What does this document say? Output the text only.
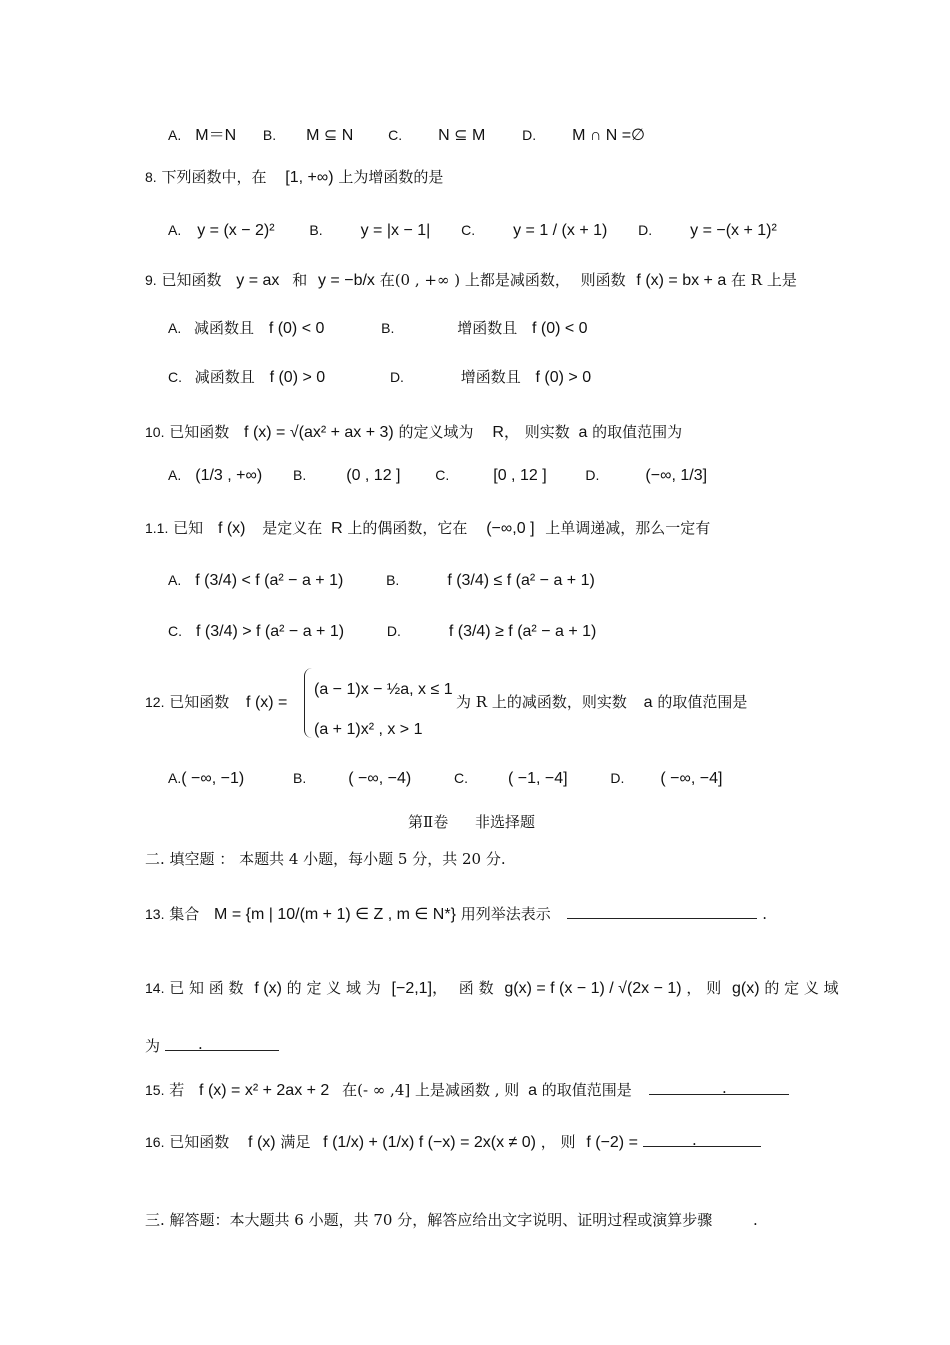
A. M＝N B. M ⊆ N C. N ⊆ M	D. M ∩ N =∅
8. 下列函数中，在 [1, +∞) 上为增函数的是
A. y = (x − 2)² B. y = |x − 1| C. y = 1 / (x + 1) D. y = −(x + 1)²
9. 已知函数 y = ax 和 y = −b/x 在(0 , +∞ ) 上都是减函数， 则函数 f (x) = bx + a 在 R 上是
A. 减函数且 f (0) < 0	B.	增函数且 f (0) < 0
C. 减函数且 f (0) > 0	D.	增函数且 f (0) > 0
10. 已知函数 f (x) = √(ax² + ax + 3) 的定义域为 R， 则实数 a 的取值范围为
A. (1/3 , +∞) B.	(0 , 12 ] C.	[0 , 12 ]	D.	(−∞, 1/3]
1.1. 已知 f (x) 是定义在 R 上的偶函数，它在 (−∞,0 ] 上单调递减，那么一定有
A. f (3/4) < f (a² − a + 1)	B.	f (3/4) ≤ f (a² − a + 1)
C. f (3/4) > f (a² − a + 1)	D.	f (3/4) ≥ f (a² − a + 1)
12. 已知函数 f (x) =
(a − 1)x − ½a, x ≤ 1
(a + 1)x² , x > 1
为 R 上的减函数，则实数 a 的取值范围是
A.( −∞, −1)	B.	( −∞, −4)	C.	( −1, −4]	D. ( −∞, −4]
第Ⅱ卷 非选择题
二. 填空题 ： 本题共 4 小题，每小题 5 分，共 20 分.
13. 集合 M = {m | 10/(m + 1) ∈ Z , m ∈ N*} 用列举法表示	.
14. 已 知 函 数 f (x) 的 定 义 域 为 [−2,1]， 函 数 g(x) = f (x − 1) / √(2x − 1) ， 则 g(x) 的 定 义 域
为	.
15. 若 f (x) = x² + 2ax + 2 在(- ∞ ,4] 上是减函数 , 则 a 的取值范围是	.
16. 已知函数 f (x) 满足 f (1/x) + (1/x) f (−x) = 2x(x ≠ 0) ， 则 f (−2) =	.
三. 解答题：本大题共 6 小题，共 70 分，解答应给出文字说明、证明过程或演算步骤	.
